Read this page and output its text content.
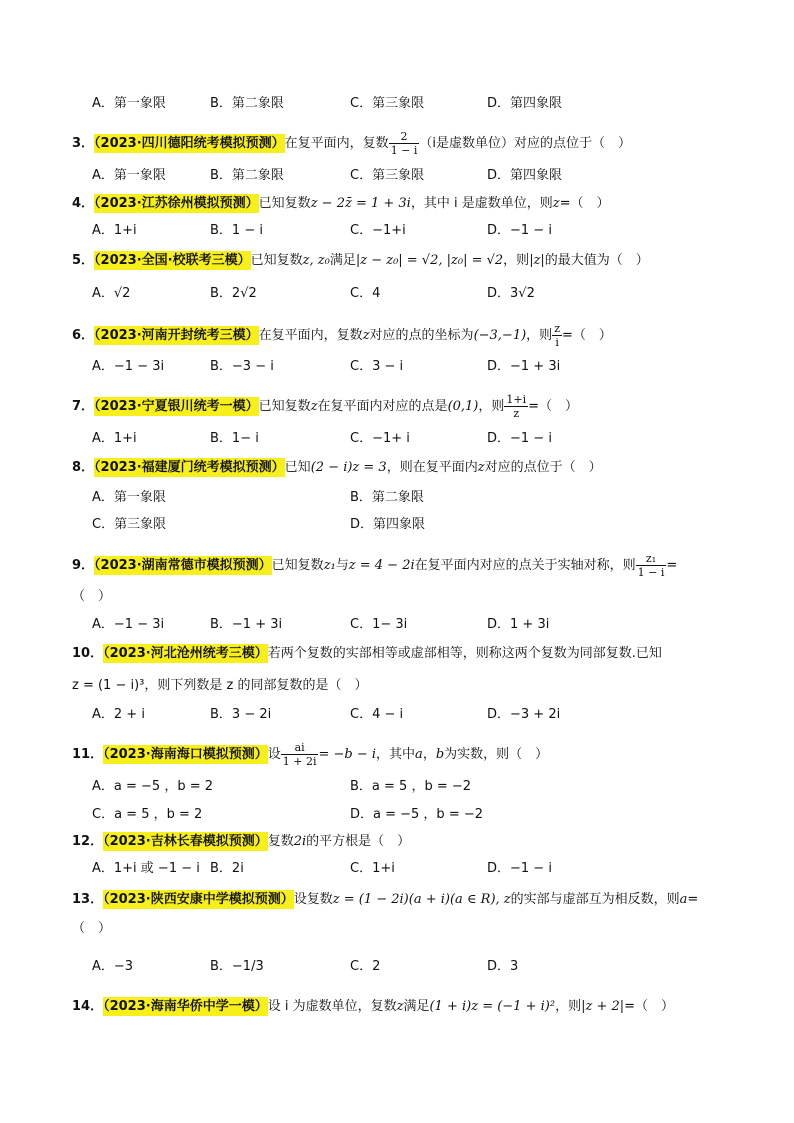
A．第一象限	B．第二象限	C．第三象限	D．第四象限
3．（2023·四川德阳统考模拟预测）在复平面内，复数 $\frac{2}{1 - i} (i$是虚数单位）对应的点位于（　）
A．第一象限	B．第二象限	C．第三象限	D．第四象限
4．（2023·江苏徐州模拟预测）已知复数z − 2z̄ = 1 + 3i，其中 i 是虚数单位，则z=（　）
A．1+i	B．1 − i	C．−1+i	D．−1 − i
5．（2023·全国·校联考三模）已知复数z, z₀满足|z − z₀| = √2, |z₀| = √2，则|z|的最大值为（　）
A．√2	B．2√2	C．4	D．3√2
6．（2023·河南开封统考三模）在复平面内，复数z对应的点的坐标为(−3,−1)，则 $\frac{z}{i}$ =（　）
A．−1 − 3i	B．−3 − i	C．3 − i	D．−1 + 3i
7．（2023·宁夏银川统考一模）已知复数z在复平面内对应的点是(0,1)，则 $\frac{1+i}{z}$ =（　）
A．1+i	B．1− i	C．−1+ i	D．−1 − i
8．（2023·福建厦门统考模拟预测）已知(2 − i)z = 3，则在复平面内z对应的点位于（　）
A．第一象限	B．第二象限
C．第三象限	D．第四象限
9．（2023·湖南常德市模拟预测）已知复数z₁与z = 4 − 2i在复平面内对应的点关于实轴对称，则 $\frac{\text{z₁}}{1 - i}$ =
（　）
A．−1 − 3i	B．−1 + 3i	C．1− 3i	D．1 + 3i
10．（2023·河北沧州统考三模）若两个复数的实部相等或虚部相等，则称这两个复数为同部复数.已知
z = (1 − i)³，则下列数是 z 的同部复数的是（　）
A．2 + i	B．3 − 2i	C．4 − i	D．−3 + 2i
11．（2023·海南海口模拟预测）设 $\frac{ai}{1 + 2i} = -b - i$，其中a，b为实数，则（　）
A．a = −5 ，b = 2	B．a = 5 ，b = −2
C．a = 5 ，b = 2	D．a = −5 ，b = −2
12．（2023·吉林长春模拟预测）复数2i的平方根是（　）
A．1+i 或 −1 − i B．2i	C．1+i	D．−1 − i
13．（2023·陕西安康中学模拟预测）设复数z = (1 − 2i)(a + i)(a ∈ R), z的实部与虚部互为相反数，则a=
（　）
A．−3	B．−1/3	C．2	D．3
14．（2023·海南华侨中学一模）设 i 为虚数单位，复数z满足(1 + i)z = (−1 + i)²，则|z + 2|=（　）
